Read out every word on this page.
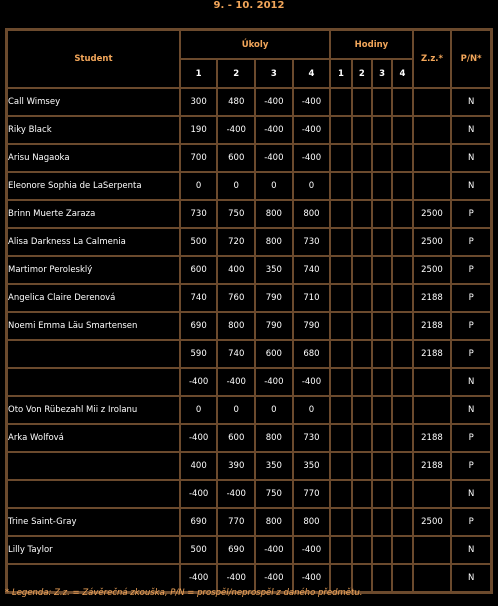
9. - 10. 2012
Student	Úkoly				Hodiny				Z.z.*	P/N*
	1	2	3	4	1	2	3	4		
Call Wimsey	300	480	-400	-400						N
Riky Black	190	-400	-400	-400						N
Arisu Nagaoka	700	600	-400	-400						N
Eleonore Sophia de LaSerpenta	0	0	0	0						N
Brinn Muerte Zaraza	730	750	800	800					2500	P
Alisa Darkness La Calmenia	500	720	800	730					2500	P
Martimor Perolesklý	600	400	350	740					2500	P
Angelica Claire Derenová	740	760	790	710					2188	P
Noemi Emma Läu Smartensen	690	800	790	790					2188	P
	590	740	600	680					2188	P
	-400	-400	-400	-400						N
Oto Von Rübezahl Mii z Irolanu	0	0	0	0						N
Arka Wolfová	-400	600	800	730					2188	P
	400	390	350	350					2188	P
	-400	-400	750	770						N
Trine Saint-Gray	690	770	800	800					2500	P
Lilly Taylor	500	690	-400	-400						N
	-400	-400	-400	-400						N
* Legenda: Z.z. = Závěrečná zkouška, P/N = prospěl/neprospěl z daného předmětu.
